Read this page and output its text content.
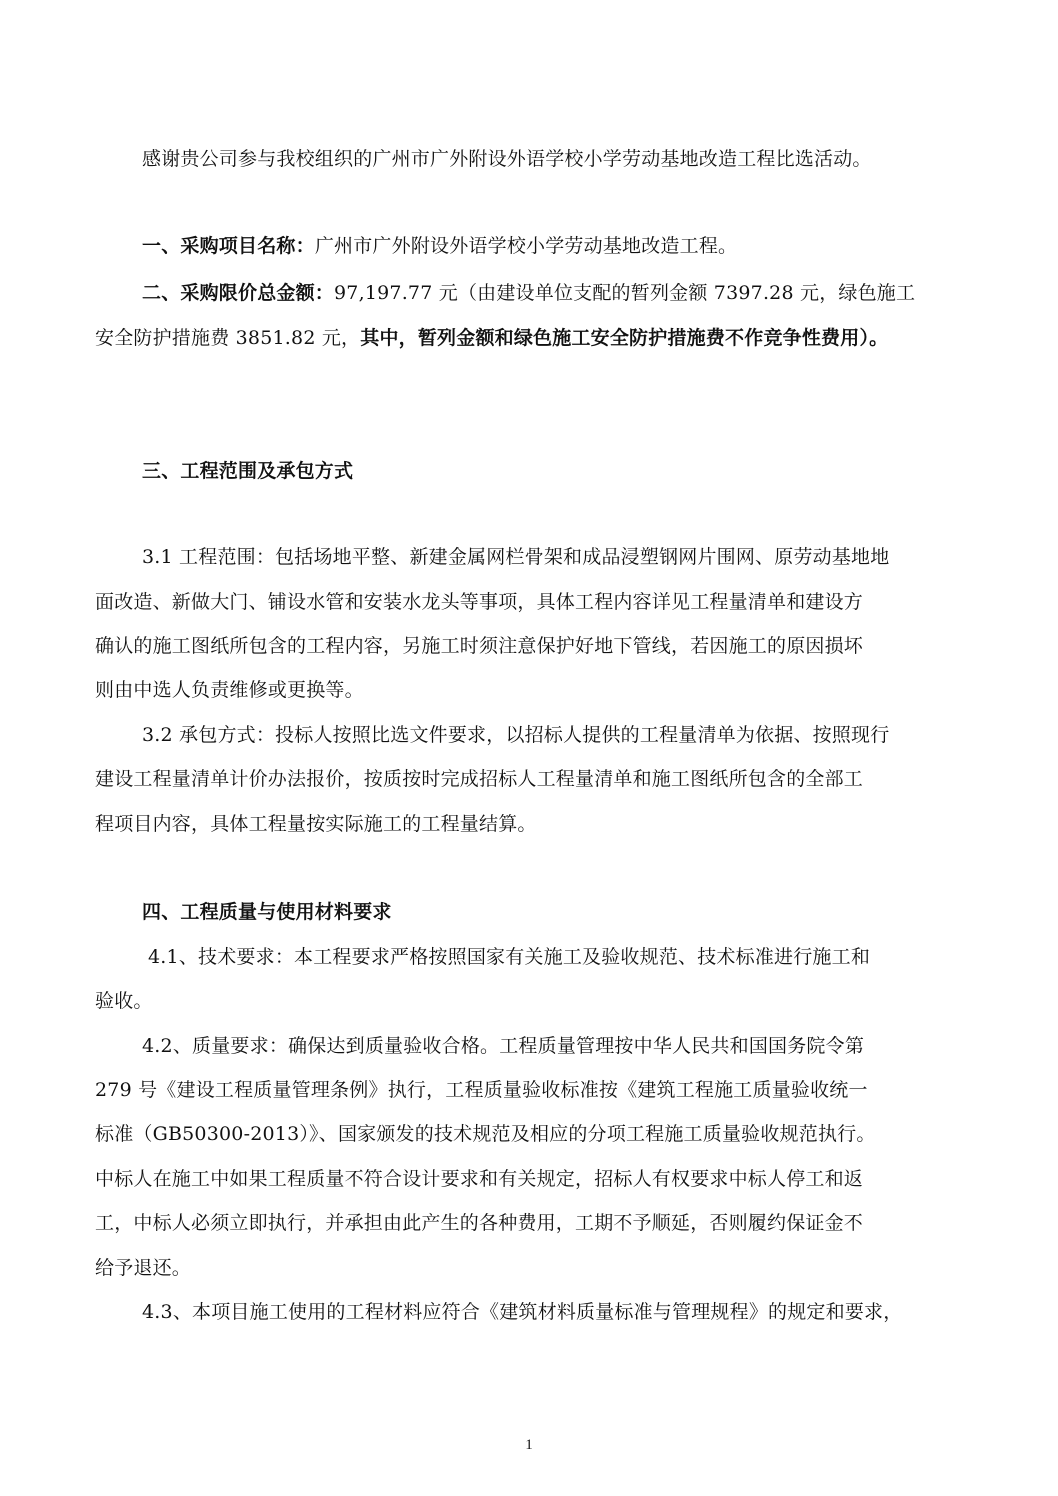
感谢贵公司参与我校组织的广州市广外附设外语学校小学劳动基地改造工程比选活动。
一、采购项目名称：广州市广外附设外语学校小学劳动基地改造工程。
二、采购限价总金额：97,197.77 元（由建设单位支配的暂列金额 7397.28 元，绿色施工
安全防护措施费 3851.82 元，其中，暂列金额和绿色施工安全防护措施费不作竞争性费用）。
三、工程范围及承包方式
3.1 工程范围：包括场地平整、新建金属网栏骨架和成品浸塑钢网片围网、原劳动基地地
面改造、新做大门、铺设水管和安装水龙头等事项，具体工程内容详见工程量清单和建设方
确认的施工图纸所包含的工程内容，另施工时须注意保护好地下管线，若因施工的原因损坏
则由中选人负责维修或更换等。
3.2 承包方式：投标人按照比选文件要求，以招标人提供的工程量清单为依据、按照现行
建设工程量清单计价办法报价，按质按时完成招标人工程量清单和施工图纸所包含的全部工
程项目内容，具体工程量按实际施工的工程量结算。
四、工程质量与使用材料要求
4.1、技术要求：本工程要求严格按照国家有关施工及验收规范、技术标准进行施工和
验收。
4.2、质量要求：确保达到质量验收合格。工程质量管理按中华人民共和国国务院令第
279 号《建设工程质量管理条例》执行，工程质量验收标准按《建筑工程施工质量验收统一
标准（GB50300-2013）》、国家颁发的技术规范及相应的分项工程施工质量验收规范执行。
中标人在施工中如果工程质量不符合设计要求和有关规定，招标人有权要求中标人停工和返
工，中标人必须立即执行，并承担由此产生的各种费用，工期不予顺延，否则履约保证金不
给予退还。
4.3、本项目施工使用的工程材料应符合《建筑材料质量标准与管理规程》的规定和要求，
1
